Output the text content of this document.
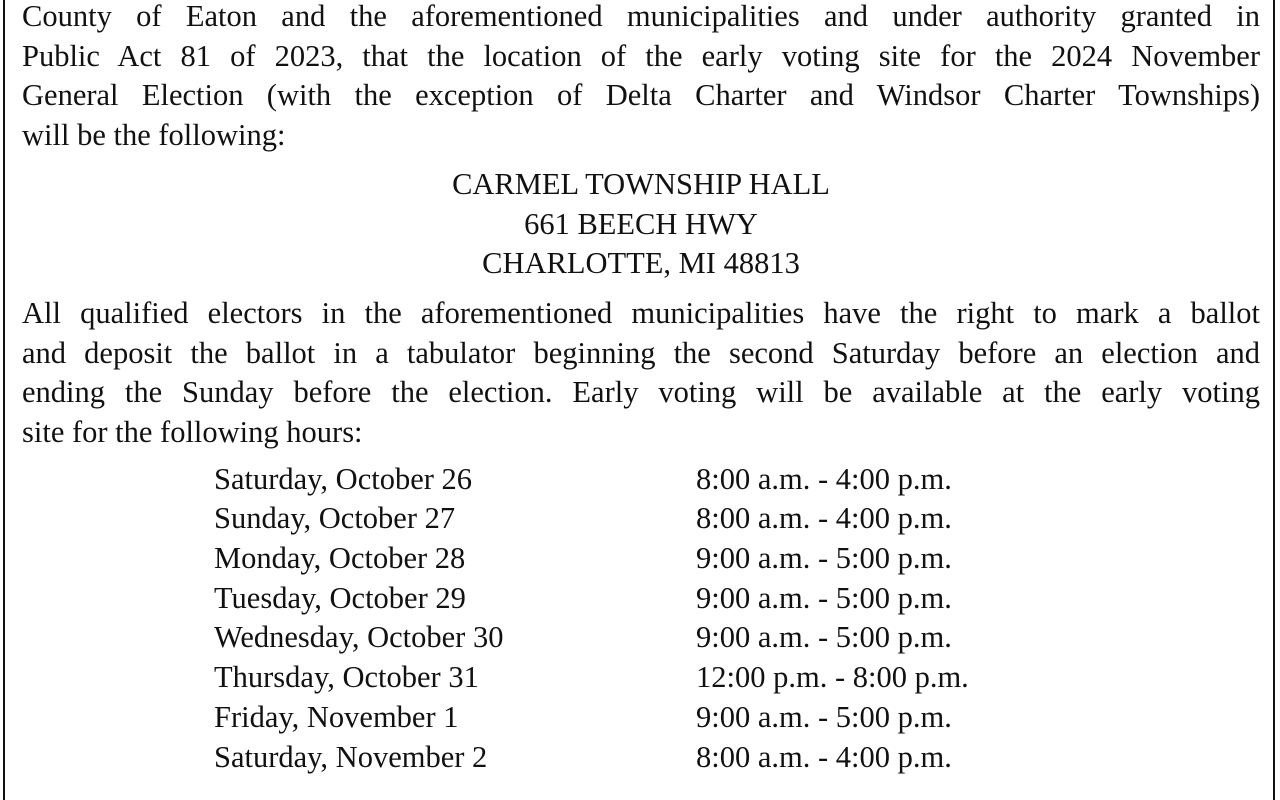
County of Eaton and the aforementioned municipalities and under authority granted in
Public Act 81 of 2023, that the location of the early voting site for the 2024 November
General Election (with the exception of Delta Charter and Windsor Charter Townships)
will be the following:

CARMEL TOWNSHIP HALL
661 BEECH HWY
CHARLOTTE, MI 48813

All qualified electors in the aforementioned municipalities have the right to mark a ballot
and deposit the ballot in a tabulator beginning the second Saturday before an election and
ending the Sunday before the election. Early voting will be available at the early voting
site for the following hours:

Saturday, October 26	8:00 a.m. - 4:00 p.m.
Sunday, October 27	8:00 a.m. - 4:00 p.m.
Monday, October 28	9:00 a.m. - 5:00 p.m.
Tuesday, October 29	9:00 a.m. - 5:00 p.m.
Wednesday, October 30	9:00 a.m. - 5:00 p.m.
Thursday, October 31	12:00 p.m. - 8:00 p.m.
Friday, November 1	9:00 a.m. - 5:00 p.m.
Saturday, November 2	8:00 a.m. - 4:00 p.m.
